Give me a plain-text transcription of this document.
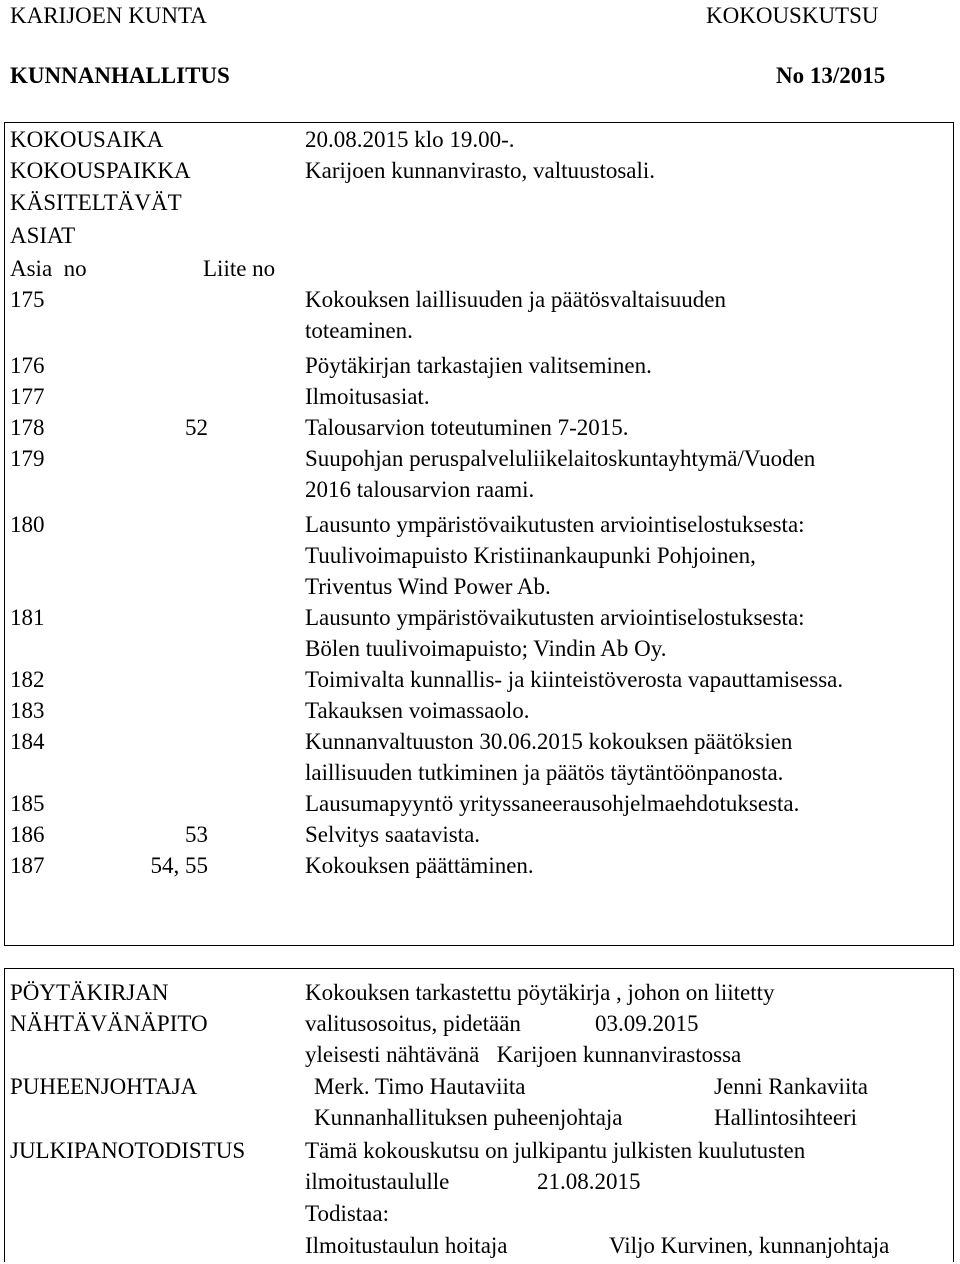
KARIJOEN KUNTA	KOKOUSKUTSU
KUNNANHALLITUS	No 13/2015
KOKOUSAIKA	20.08.2015 klo 19.00-.
KOKOUSPAIKKA	Karijoen kunnanvirasto, valtuustosali.
KÄSITELTÄVÄT
ASIAT
Asia  no	Liite no
175	Kokouksen laillisuuden ja päätösvaltaisuuden
toteaminen.
176	Pöytäkirjan tarkastajien valitseminen.
177	Ilmoitusasiat.
178	52	Talousarvion toteutuminen 7-2015.
179	Suupohjan peruspalveluliikelaitoskuntayhtymä/Vuoden
2016 talousarvion raami.
180	Lausunto ympäristövaikutusten arviointiselostuksesta:
Tuulivoimapuisto Kristiinankaupunki Pohjoinen,
Triventus Wind Power Ab.
181	Lausunto ympäristövaikutusten arviointiselostuksesta:
Bölen tuulivoimapuisto; Vindin Ab Oy.
182	Toimivalta kunnallis- ja kiinteistöverosta vapauttamisessa.
183	Takauksen voimassaolo.
184	Kunnanvaltuuston 30.06.2015 kokouksen päätöksien
laillisuuden tutkiminen ja päätös täytäntöönpanosta.
185	Lausumapyyntö yrityssaneerausohjelmaehdotuksesta.
186	53	Selvitys saatavista.
187	54, 55	Kokouksen päättäminen.
PÖYTÄKIRJAN
NÄHTÄVÄNÄPITO
Kokouksen tarkastettu pöytäkirja , johon on liitetty
valitusosoitus, pidetään	03.09.2015
yleisesti nähtävänä   Karijoen kunnanvirastossa
PUHEENJOHTAJA	Merk. Timo Hautaviita	Jenni Rankaviita
Kunnanhallituksen puheenjohtaja	Hallintosihteeri
JULKIPANOTODISTUS	Tämä kokouskutsu on julkipantu julkisten kuulutusten
ilmoitustaululle	21.08.2015
Todistaa:
Ilmoitustaulun hoitaja	Viljo Kurvinen, kunnanjohtaja
